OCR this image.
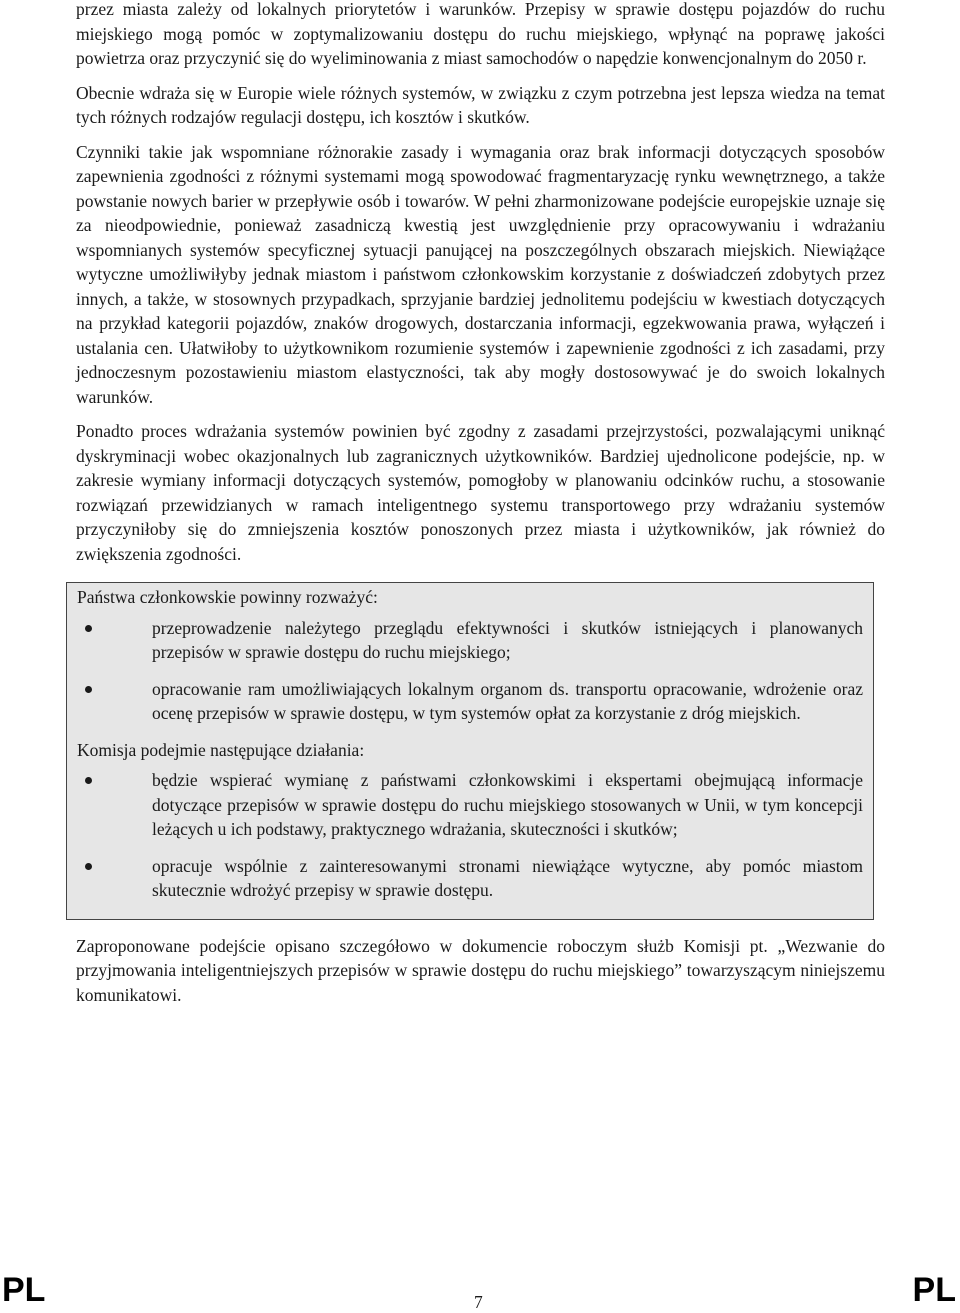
przez miasta zależy od lokalnych priorytetów i warunków. Przepisy w sprawie dostępu pojazdów do ruchu miejskiego mogą pomóc w zoptymalizowaniu dostępu do ruchu miejskiego, wpłynąć na poprawę jakości powietrza oraz przyczynić się do wyeliminowania z miast samochodów o napędzie konwencjonalnym do 2050 r.

Obecnie wdraża się w Europie wiele różnych systemów, w związku z czym potrzebna jest lepsza wiedza na temat tych różnych rodzajów regulacji dostępu, ich kosztów i skutków.

Czynniki takie jak wspomniane różnorakie zasady i wymagania oraz brak informacji dotyczących sposobów zapewnienia zgodności z różnymi systemami mogą spowodować fragmentaryzację rynku wewnętrznego, a także powstanie nowych barier w przepływie osób i towarów. W pełni zharmonizowane podejście europejskie uznaje się za nieodpowiednie, ponieważ zasadniczą kwestią jest uwzględnienie przy opracowywaniu i wdrażaniu wspomnianych systemów specyficznej sytuacji panującej na poszczególnych obszarach miejskich. Niewiążące wytyczne umożliwiłyby jednak miastom i państwom członkowskim korzystanie z doświadczeń zdobytych przez innych, a także, w stosownych przypadkach, sprzyjanie bardziej jednolitemu podejściu w kwestiach dotyczących na przykład kategorii pojazdów, znaków drogowych, dostarczania informacji, egzekwowania prawa, wyłączeń i ustalania cen. Ułatwiłoby to użytkownikom rozumienie systemów i zapewnienie zgodności z ich zasadami, przy jednoczesnym pozostawieniu miastom elastyczności, tak aby mogły dostosowywać je do swoich lokalnych warunków.

Ponadto proces wdrażania systemów powinien być zgodny z zasadami przejrzystości, pozwalającymi uniknąć dyskryminacji wobec okazjonalnych lub zagranicznych użytkowników. Bardziej ujednolicone podejście, np. w zakresie wymiany informacji dotyczących systemów, pomogłoby w planowaniu odcinków ruchu, a stosowanie rozwiązań przewidzianych w ramach inteligentnego systemu transportowego przy wdrażaniu systemów przyczyniłoby się do zmniejszenia kosztów ponoszonych przez miasta i użytkowników, jak również do zwiększenia zgodności.

Państwa członkowskie powinny rozważyć:

przeprowadzenie należytego przeglądu efektywności i skutków istniejących i planowanych przepisów w sprawie dostępu do ruchu miejskiego;
opracowanie ram umożliwiających lokalnym organom ds. transportu opracowanie, wdrożenie oraz ocenę przepisów w sprawie dostępu, w tym systemów opłat za korzystanie z dróg miejskich.

Komisja podejmie następujące działania:

będzie wspierać wymianę z państwami członkowskimi i ekspertami obejmującą informacje dotyczące przepisów w sprawie dostępu do ruchu miejskiego stosowanych w Unii, w tym koncepcji leżących u ich podstawy, praktycznego wdrażania, skuteczności i skutków;
opracuje wspólnie z zainteresowanymi stronami niewiążące wytyczne, aby pomóc miastom skutecznie wdrożyć przepisy w sprawie dostępu.

Zaproponowane podejście opisano szczegółowo w dokumencie roboczym służb Komisji pt. „Wezwanie do przyjmowania inteligentniejszych przepisów w sprawie dostępu do ruchu miejskiego” towarzyszącym niniejszemu komunikatowi.

PL	7	PL
